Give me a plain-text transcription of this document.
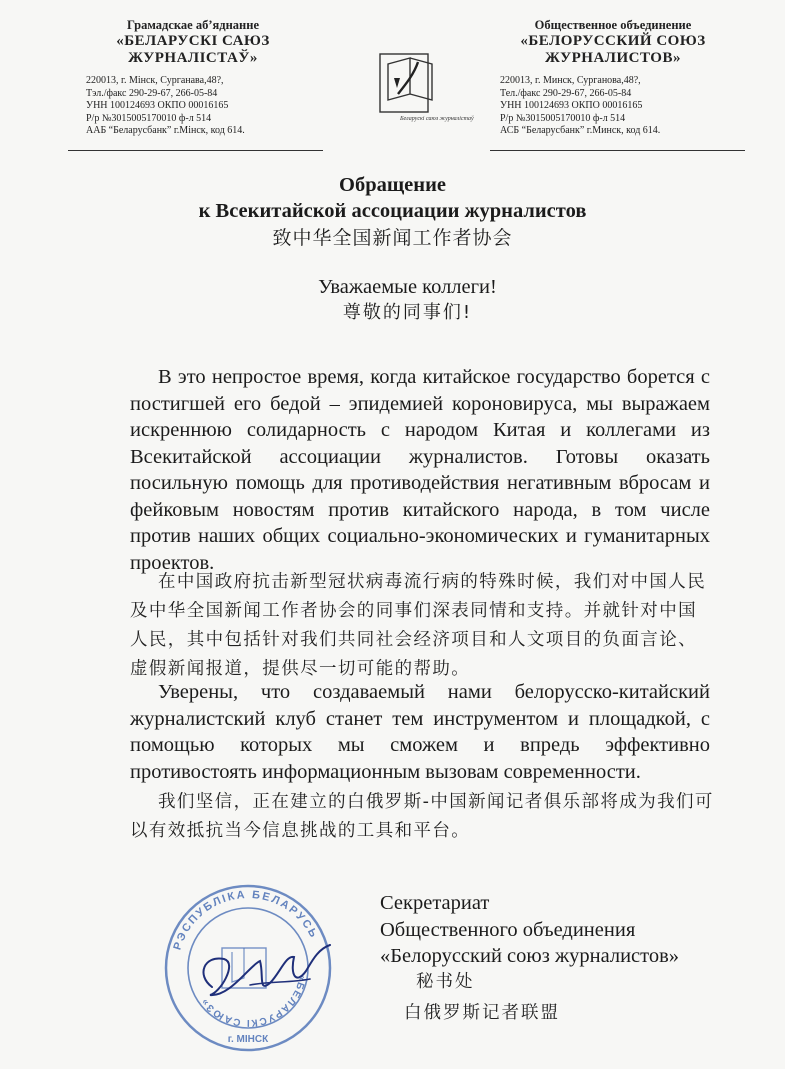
Грамадскае аб’яднанне
«БЕЛАРУСКІ САЮЗ
ЖУРНАЛІСТАЎ»
220013, г. Мінск, Сурганава,48?,
Тэл./факс 290-29-67, 266-05-84
УНН 100124693 ОКПО 00016165
Р/р №3015005170010 ф-л 514
ААБ “Беларусбанк” г.Мінск, код 614.
Беларускі саюз журналістаў
Общественное объединение
«БЕЛОРУССКИЙ СОЮЗ
ЖУРНАЛИСТОВ»
220013, г. Минск, Сурганова,48?,
Тел./факс 290-29-67, 266-05-84
УНН 100124693 ОКПО 00016165
Р/р №3015005170010 ф-л 514
АСБ “Беларусбанк” г.Минск, код 614.
Обращение
к Всекитайской ассоциации журналистов
致中华全国新闻工作者协会
Уважаемые коллеги!
尊敬的同事们!
В это непростое время, когда китайское государство борется с постигшей его бедой – эпидемией короновируса, мы выражаем искреннюю солидарность с народом Китая и коллегами из Всекитайской ассоциации журналистов. Готовы оказать посильную помощь для противодействия негативным вбросам и фейковым новостям против китайского народа, в том числе против наших общих социально-экономических и гуманитарных проектов.
在中国政府抗击新型冠状病毒流行病的特殊时候，我们对中国人民及中华全国新闻工作者协会的同事们深表同情和支持。并就针对中国人民，其中包括针对我们共同社会经济项目和人文项目的负面言论、虚假新闻报道，提供尽一切可能的帮助。
Уверены, что создаваемый нами белорусско-китайский журналистский клуб станет тем инструментом и площадкой, с помощью которых мы сможем и впредь эффективно противостоять информационным вызовам современности.
我们坚信，正在建立的白俄罗斯-中国新闻记者俱乐部将成为我们可以有效抵抗当今信息挑战的工具和平台。
РЭСПУБЛІКА БЕЛАРУСЬ
«БЕЛАРУСКІ САЮЗ»
г. МІНСК
Секретариат
Общественного объединения
«Белорусский союз журналистов»
秘书处
白俄罗斯记者联盟
